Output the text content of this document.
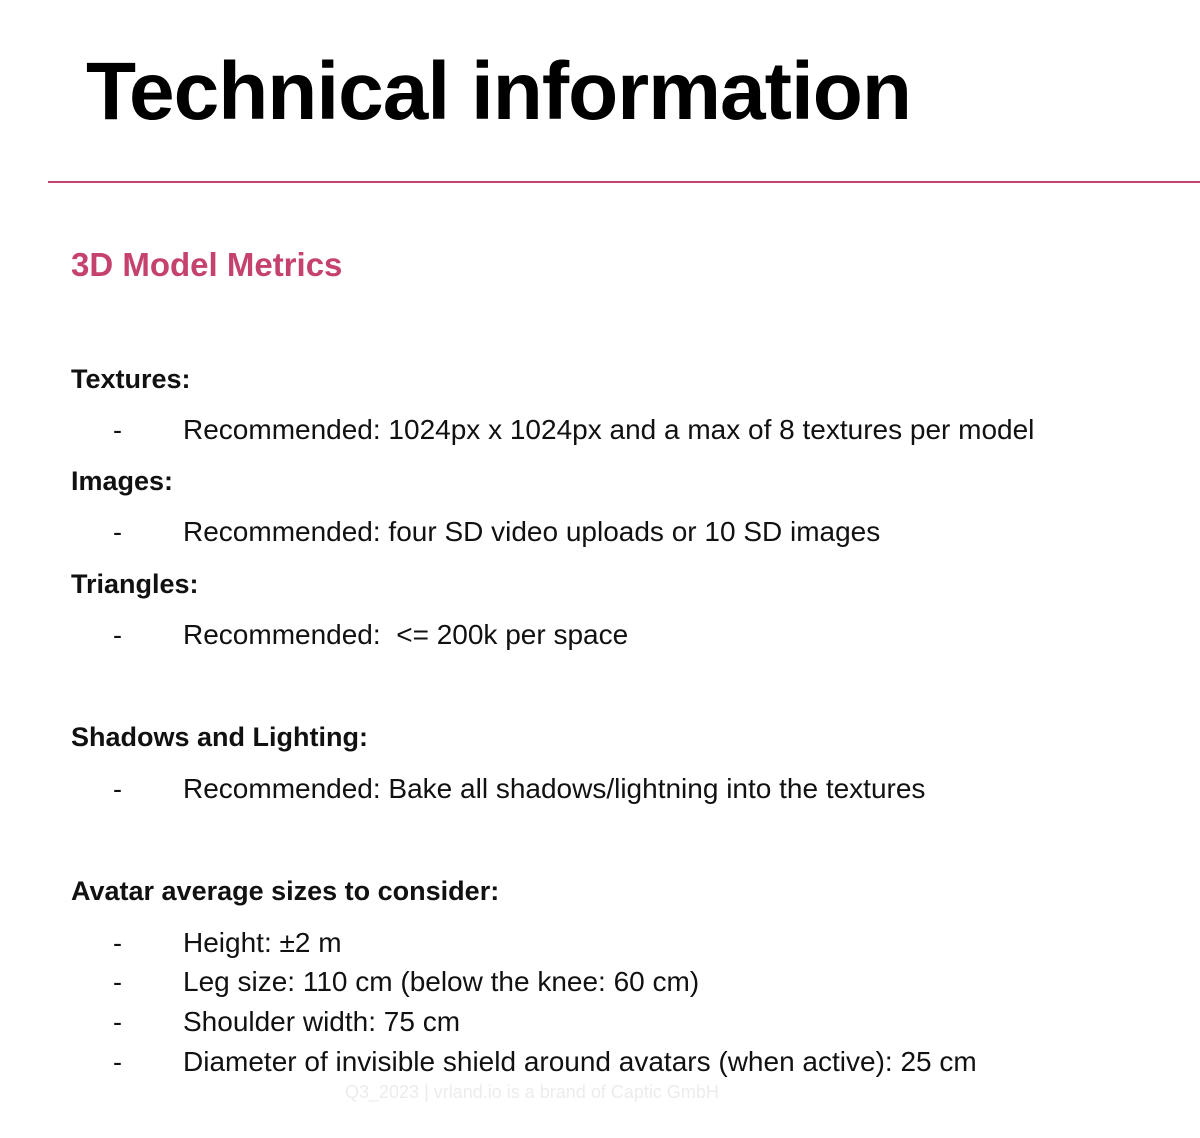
Technical information
3D Model Metrics
Textures:
- Recommended: 1024px x 1024px and a max of 8 textures per model
Images:
- Recommended: four SD video uploads or 10 SD images
Triangles:
- Recommended:  <= 200k per space
Shadows and Lighting:
- Recommended: Bake all shadows/lightning into the textures
Avatar average sizes to consider:
- Height: ±2 m
- Leg size: 110 cm (below the knee: 60 cm)
- Shoulder width: 75 cm
- Diameter of invisible shield around avatars (when active): 25 cm
Q3_2023 | vrland.io is a brand of Captic GmbH
